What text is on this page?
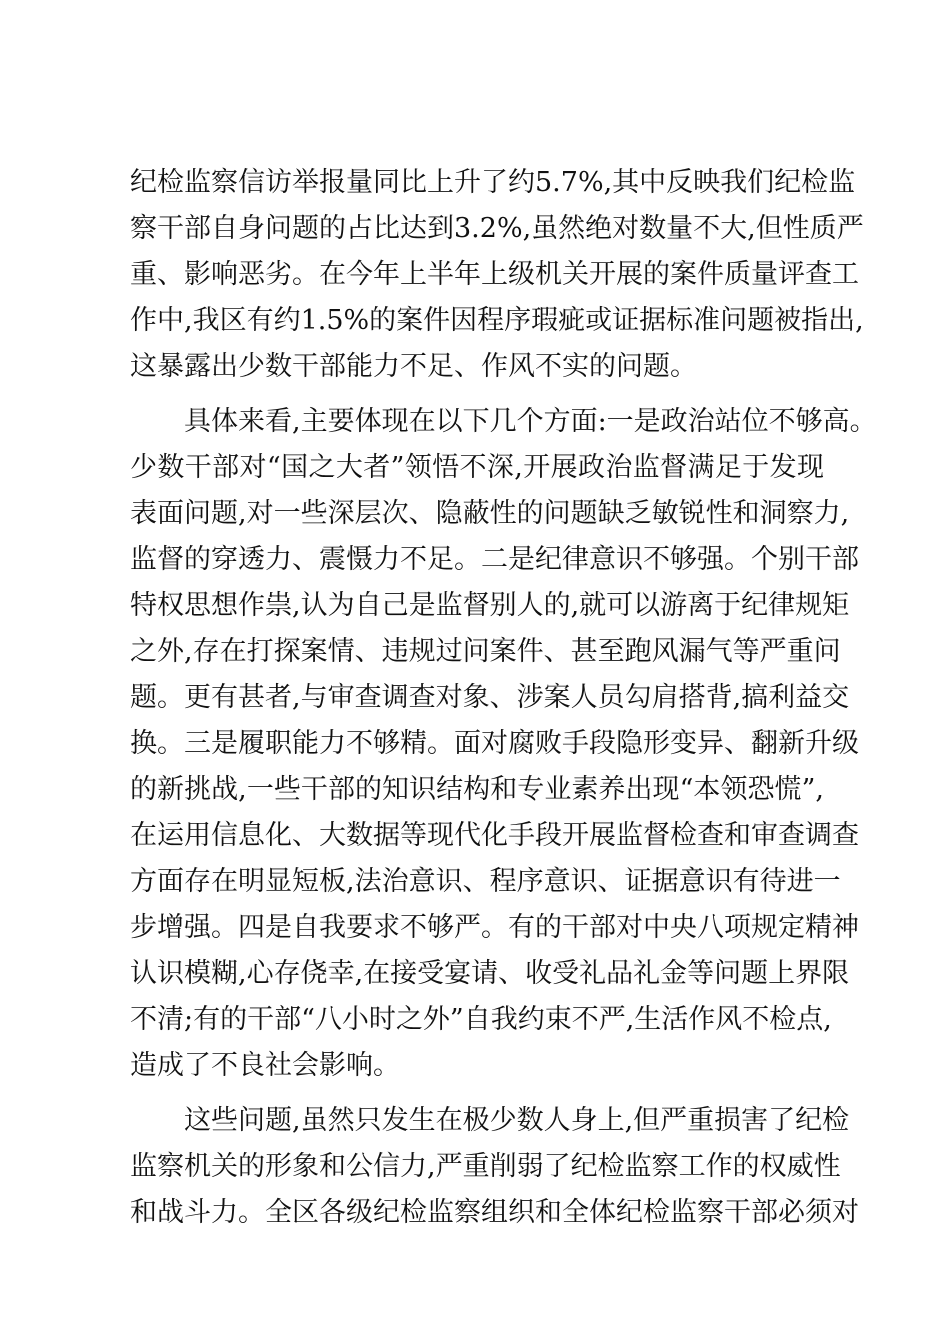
纪检监察信访举报量同比上升了约5.7%,其中反映我们纪检监
察干部自身问题的占比达到3.2%,虽然绝对数量不大,但性质严
重、影响恶劣。在今年上半年上级机关开展的案件质量评查工
作中,我区有约1.5%的案件因程序瑕疵或证据标准问题被指出,
这暴露出少数干部能力不足、作风不实的问题。
具体来看,主要体现在以下几个方面:一是政治站位不够高。
少数干部对“国之大者”领悟不深,开展政治监督满足于发现
表面问题,对一些深层次、隐蔽性的问题缺乏敏锐性和洞察力,
监督的穿透力、震慑力不足。二是纪律意识不够强。个别干部
特权思想作祟,认为自己是监督别人的,就可以游离于纪律规矩
之外,存在打探案情、违规过问案件、甚至跑风漏气等严重问
题。更有甚者,与审查调查对象、涉案人员勾肩搭背,搞利益交
换。三是履职能力不够精。面对腐败手段隐形变异、翻新升级
的新挑战,一些干部的知识结构和专业素养出现“本领恐慌”,
在运用信息化、大数据等现代化手段开展监督检查和审查调查
方面存在明显短板,法治意识、程序意识、证据意识有待进一
步增强。四是自我要求不够严。有的干部对中央八项规定精神
认识模糊,心存侥幸,在接受宴请、收受礼品礼金等问题上界限
不清;有的干部“八小时之外”自我约束不严,生活作风不检点,
造成了不良社会影响。
这些问题,虽然只发生在极少数人身上,但严重损害了纪检
监察机关的形象和公信力,严重削弱了纪检监察工作的权威性
和战斗力。全区各级纪检监察组织和全体纪检监察干部必须对
